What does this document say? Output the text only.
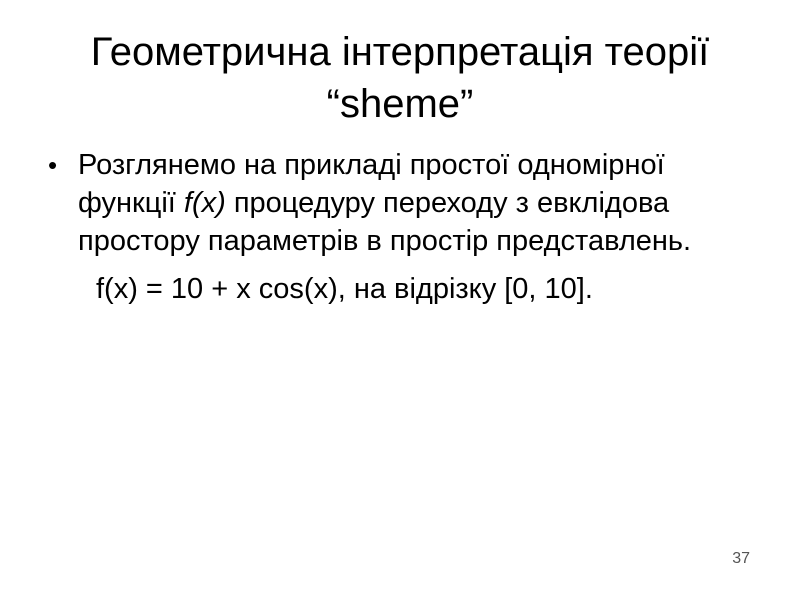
Геометрична інтерпретація теорії
“sheme”
• Розглянемо на прикладі простої одномірної функції f(x) процедуру переходу з евклідова простору параметрів в простір представлень.
f(x) = 10 + x cos(x), на відрізку [0, 10].
37
